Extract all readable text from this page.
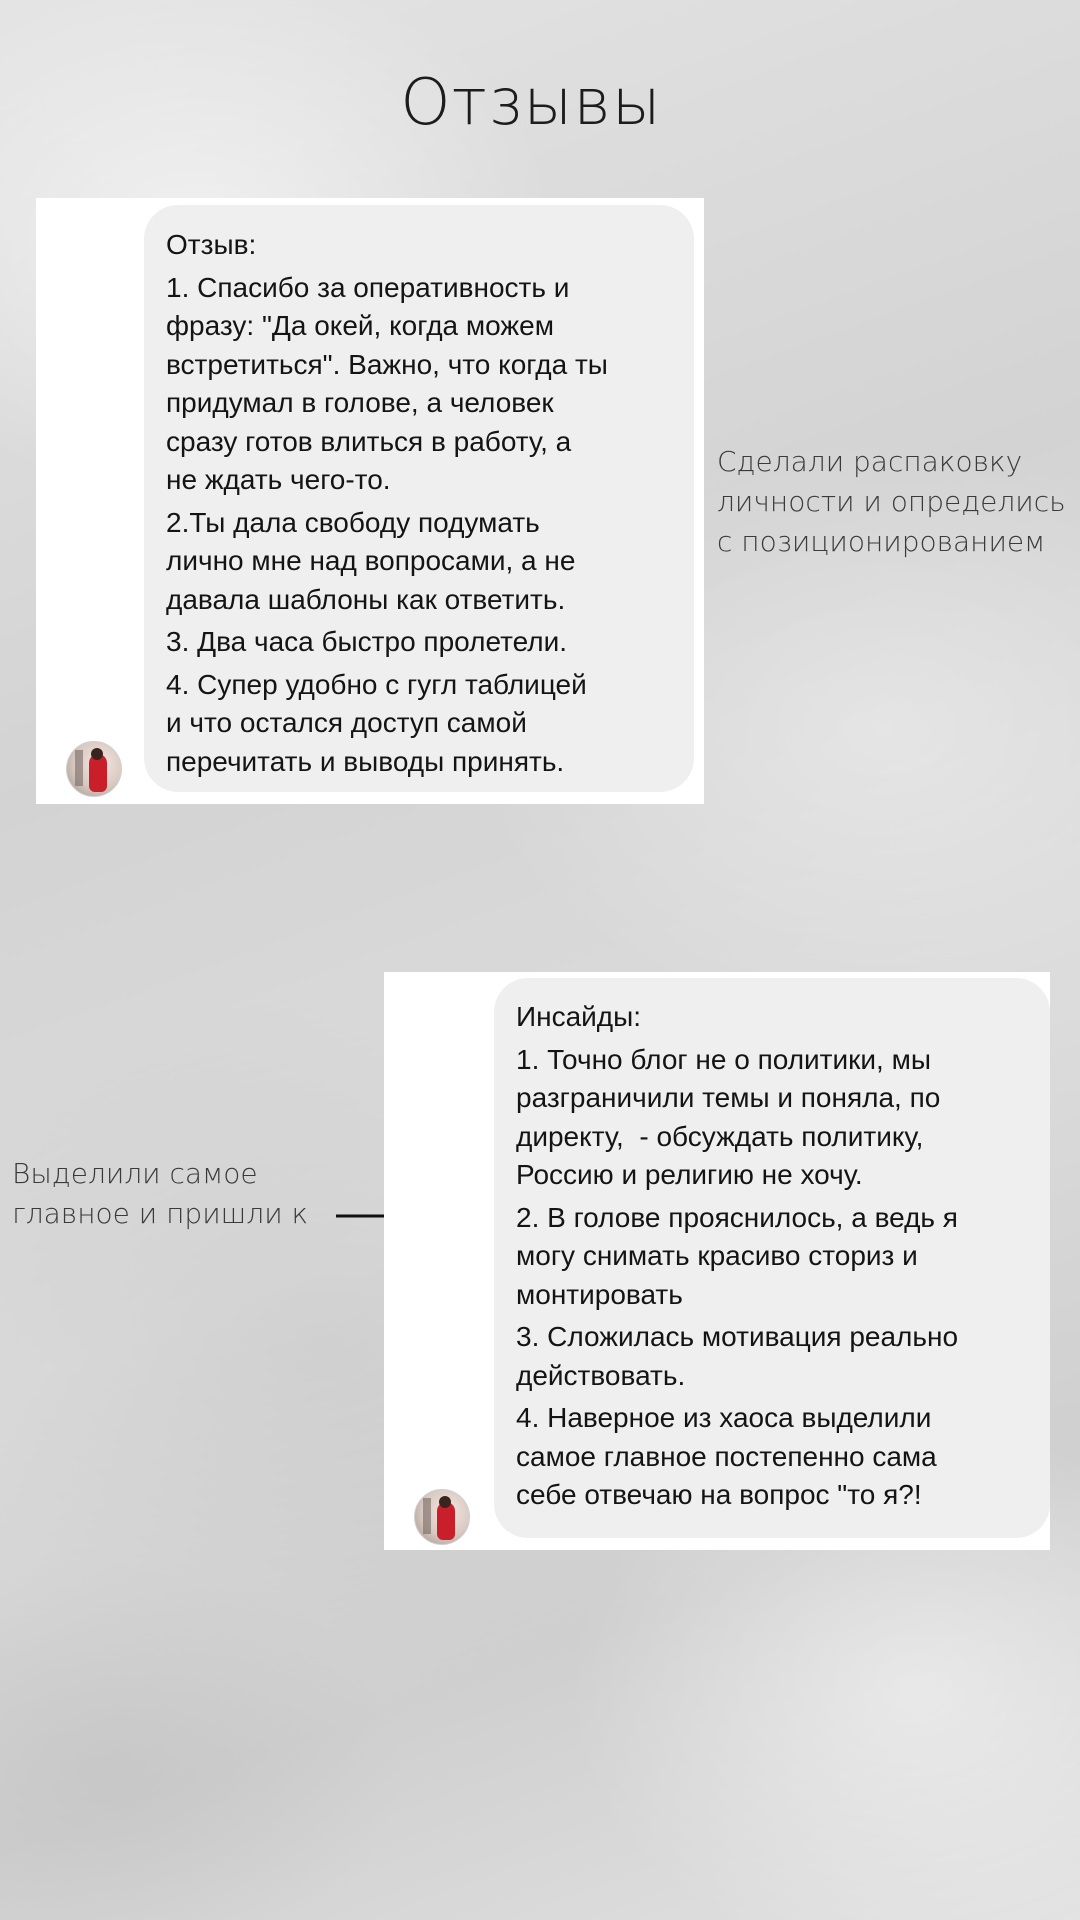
Отзывы

Отзыв:

1. Спасибо за оперативность и

фразу: "Да окей, когда можем

встретиться". Важно, что когда ты

придумал в голове, а человек

сразу готов влиться в работу, а

не ждать чего-то.

2.Ты дала свободу подумать

лично мне над вопросами, а не

давала шаблоны как ответить.

3. Два часа быстро пролетели.

4. Супер удобно с гугл таблицей

и что остался доступ самой

перечитать и выводы принять.

Сделали распаковку

личности и определись

с позиционированием

Выделили самое

главное и пришли к

Инсайды:

1. Точно блог не о политики, мы

разграничили темы и поняла, по

директу,  - обсуждать политику,

Россию и религию не хочу.

2. В голове прояснилось, а ведь я

могу снимать красиво сториз и

монтировать

3. Сложилась мотивация реально

действовать.

4. Наверное из хаоса выделили

самое главное постепенно сама

себе отвечаю на вопрос "то я?!
